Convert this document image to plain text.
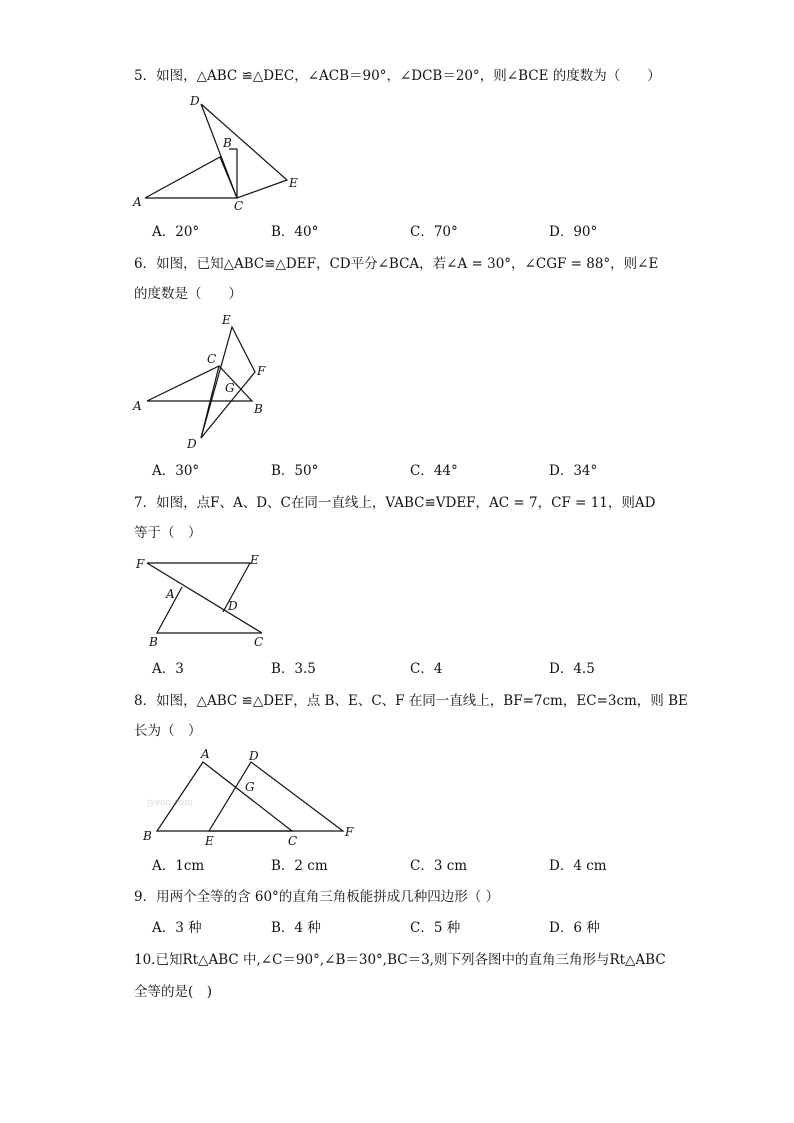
5．如图，△ABC ≌△DEC，∠ACB＝90°，∠DCB＝20°，则∠BCE 的度数为（　　）
D
B
E
A	C
A．20°	B．40°	C．70°	D．90°
6．如图，已知△ABC≌△DEF，CD平分∠BCA，若∠A = 30°，∠CGF = 88°，则∠E
的度数是（　　）
E
C
F
G
A	B
D
A．30°	B．50°	C．44°	D．34°
7．如图，点F、A、D、C在同一直线上，VABC≌VDEF，AC = 7，CF = 11，则AD
等于（　）
F	E
A
D
B	C
A．3	B．3.5	C．4	D．4.5
8．如图，△ABC ≌△DEF，点 B、E、C、F 在同一直线上，BF=7cm，EC=3cm，则 BE
长为（　）
jyeoo.com
A	D
G
B	E	C
F
A．1cm	B．2 cm	C．3 cm	D．4 cm
9．用两个全等的含 60°的直角三角板能拼成几种四边形（ ）
A．3 种	B．4 种	C．5 种	D．6 种
10.已知Rt△ABC 中,∠C＝90°,∠B＝30°,BC＝3,则下列各图中的直角三角形与Rt△ABC
全等的是(　)
